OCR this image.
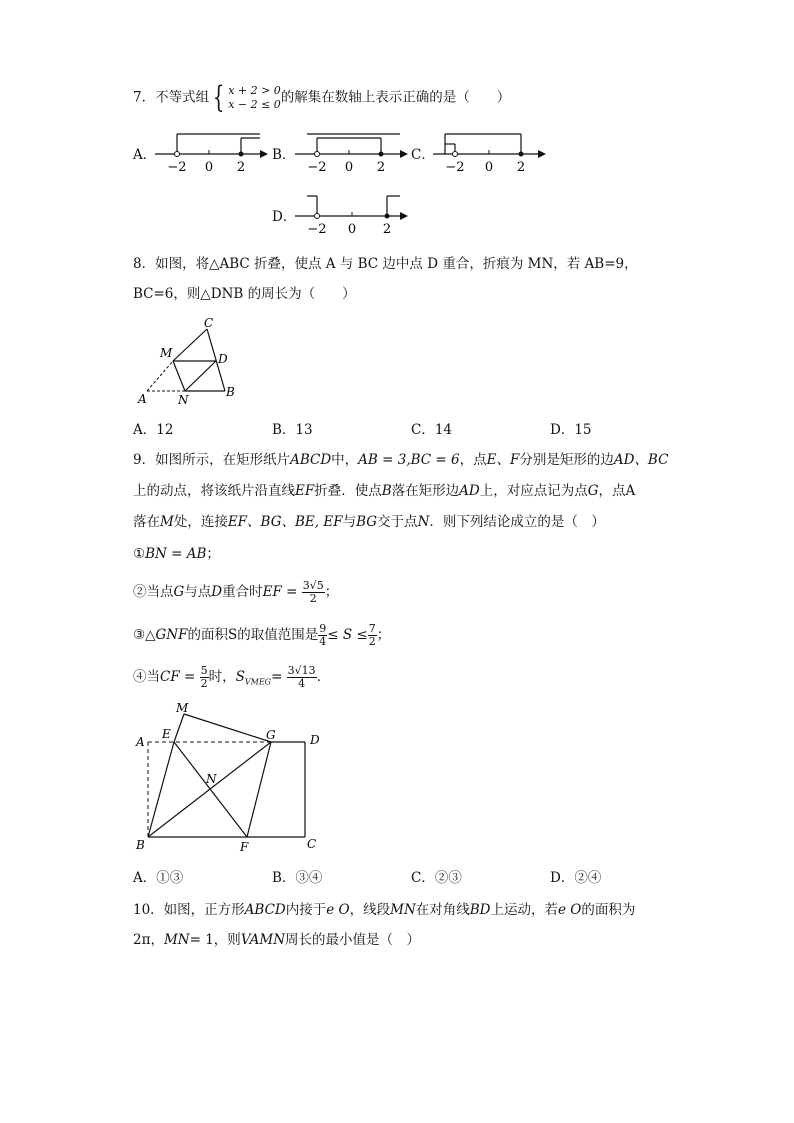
7．不等式组 { x + 2 > 0
x − 2 ≤ 0 的解集在数轴上表示正确的是（　　）
A．
−2 0 2
B．
−2 0 2
C．
−2 0 2
D．
−2 0 2
8．如图，将△ABC 折叠，使点 A 与 BC 边中点 D 重合，折痕为 MN，若 AB=9，
BC=6，则△DNB 的周长为（　　）
C
M	D
A	N
B
A．12	B．13	C．14	D．15
9．如图所示，在矩形纸片ABCD中，AB = 3,BC = 6，点E、F分别是矩形的边AD、BC
上的动点，将该纸片沿直线EF折叠．使点B落在矩形边AD上，对应点记为点G，点A
落在M处，连接EF、BG、BE, EF与BG交于点N．则下列结论成立的是（　）
①BN = AB；
②当点G与点D重合时EF = $\frac{3√5}{2}$ ；
③△GNF的面积S的取值范围是 $\frac{9}{4} \le S \le \frac{7}{2}$ ；
④当CF = $\frac{5}{2}$ 时，$S_{VMEG}= \frac{3√13}{4}$ ．
M
A
E	G	D
N
B	F	C
A．①③	B．③④	C．②③	D．②④
10．如图，正方形ABCD内接于e O，线段MN在对角线BD上运动，若e O的面积为
2π，MN= 1，则VAMN周长的最小值是（　）
